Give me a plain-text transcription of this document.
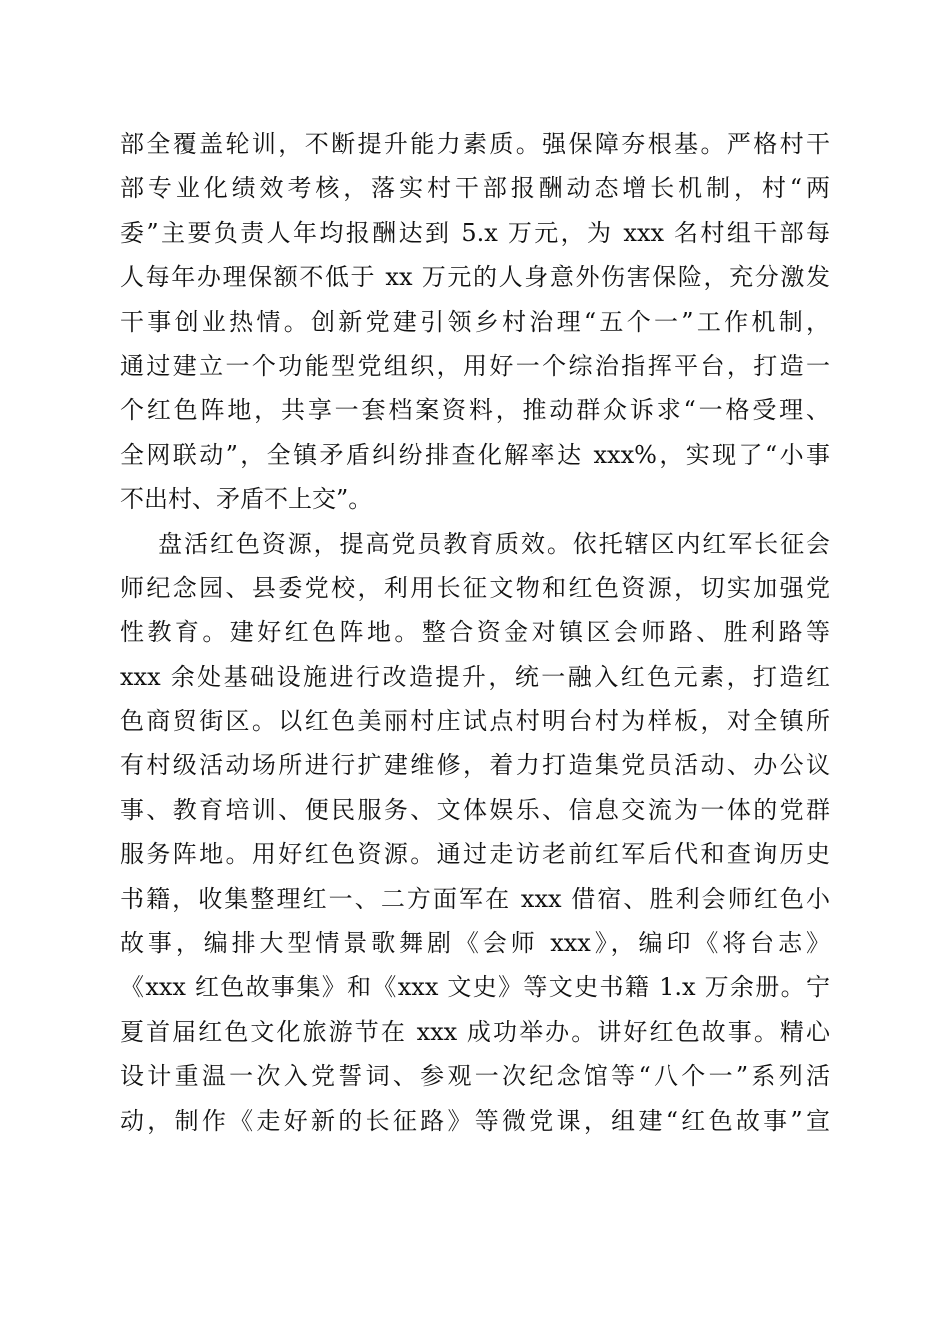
部全覆盖轮训，不断提升能力素质。强保障夯根基。严格村干
部专业化绩效考核，落实村干部报酬动态增长机制，村“两
委”主要负责人年均报酬达到 5.x 万元，为 xxx 名村组干部每
人每年办理保额不低于 xx 万元的人身意外伤害保险，充分激发
干事创业热情。创新党建引领乡村治理“五个一”工作机制，
通过建立一个功能型党组织，用好一个综治指挥平台，打造一
个红色阵地，共享一套档案资料，推动群众诉求“一格受理、
全网联动”，全镇矛盾纠纷排查化解率达 xxx%，实现了“小事
不出村、矛盾不上交”。
盘活红色资源，提高党员教育质效。依托辖区内红军长征会
师纪念园、县委党校，利用长征文物和红色资源，切实加强党
性教育。建好红色阵地。整合资金对镇区会师路、胜利路等
xxx 余处基础设施进行改造提升，统一融入红色元素，打造红
色商贸街区。以红色美丽村庄试点村明台村为样板，对全镇所
有村级活动场所进行扩建维修，着力打造集党员活动、办公议
事、教育培训、便民服务、文体娱乐、信息交流为一体的党群
服务阵地。用好红色资源。通过走访老前红军后代和查询历史
书籍，收集整理红一、二方面军在 xxx 借宿、胜利会师红色小
故事，编排大型情景歌舞剧《会师 xxx》，编印《将台志》
《xxx 红色故事集》和《xxx 文史》等文史书籍 1.x 万余册。宁
夏首届红色文化旅游节在 xxx 成功举办。讲好红色故事。精心
设计重温一次入党誓词、参观一次纪念馆等“八个一”系列活
动，制作《走好新的长征路》等微党课，组建“红色故事”宣
